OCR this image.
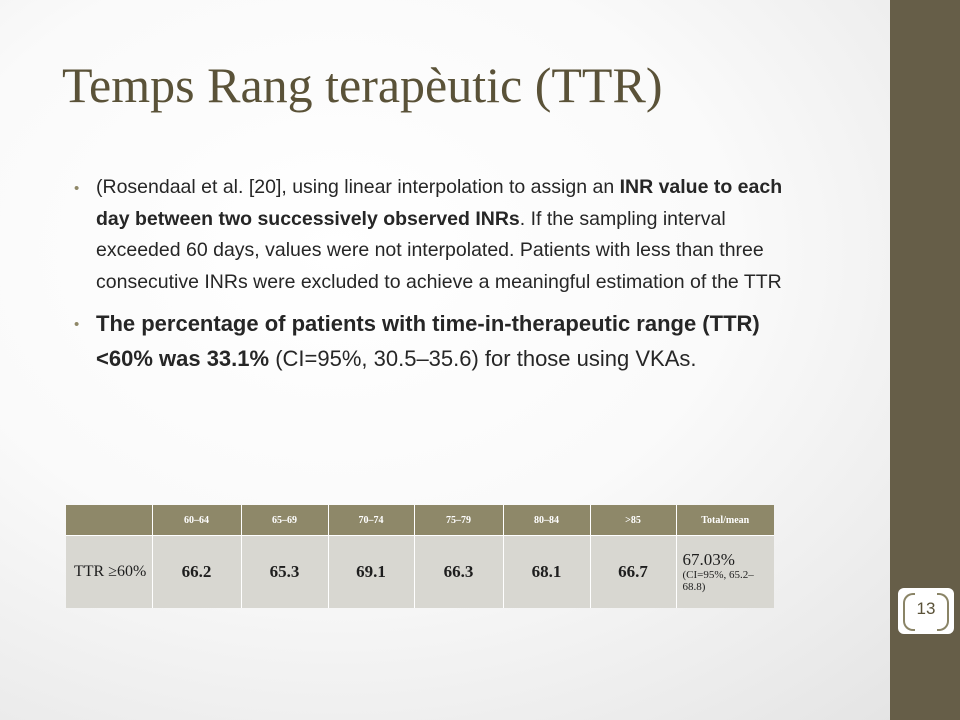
Temps Rang terapèutic (TTR)
• (Rosendaal et al. [20], using linear interpolation to assign an INR value to each day between two successively observed INRs. If the sampling interval exceeded 60 days, values were not interpolated. Patients with less than three consecutive INRs were excluded to achieve a meaningful estimation of the TTR
• The percentage of patients with time-in-therapeutic range (TTR) <60% was 33.1% (CI=95%, 30.5–35.6) for those using VKAs.
	60–64	65–69	70–74	75–79	80–84	>85	Total/mean
TTR ≥60%	66.2	65.3	69.1	66.3	68.1	66.7	67.03%
(CI=95%, 65.2–68.8)
13
